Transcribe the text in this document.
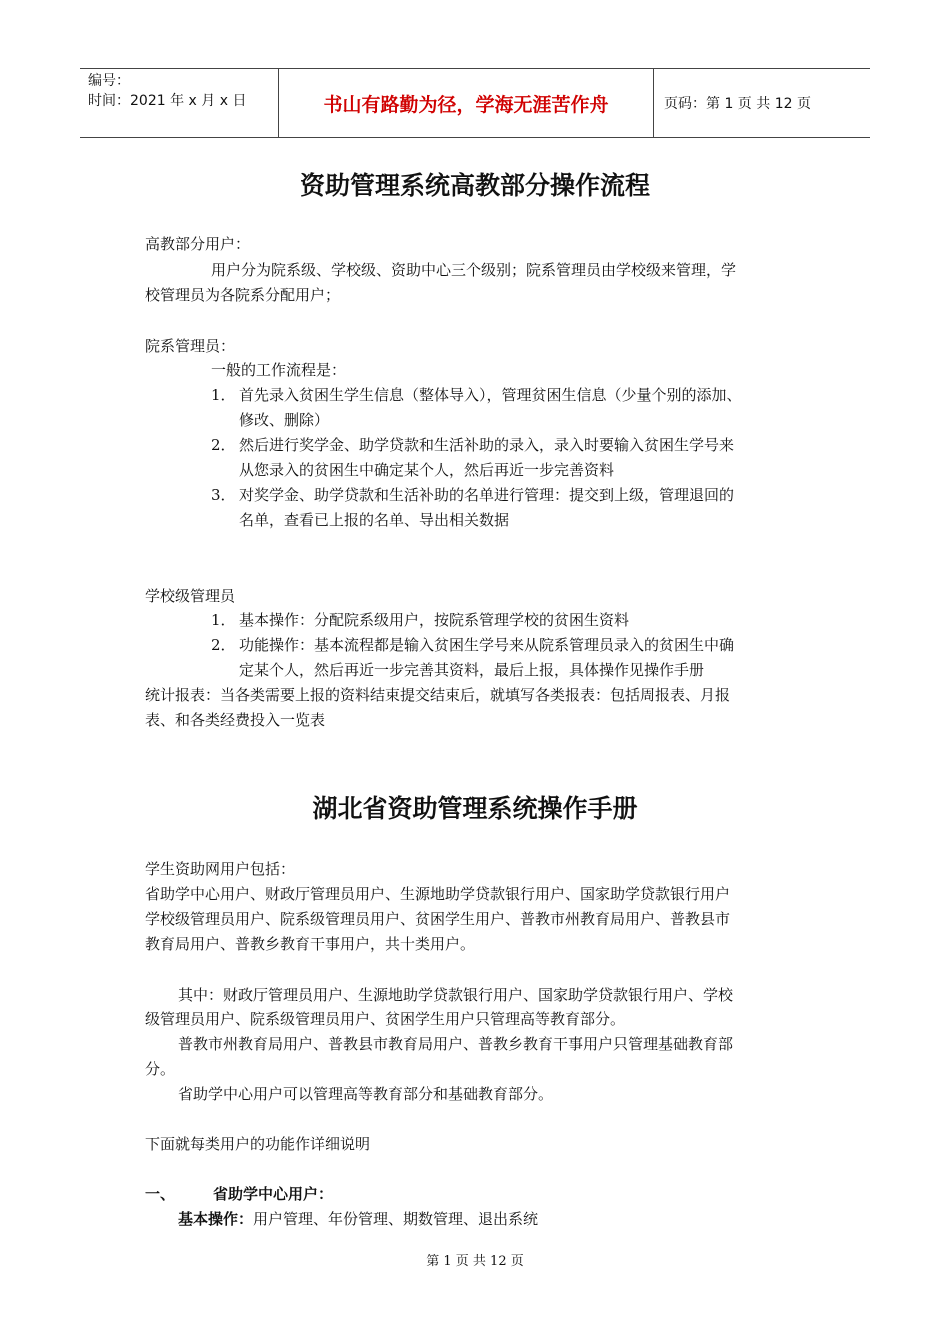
编号：
时间：2021 年 x 月 x 日	书山有路勤为径，学海无涯苦作舟	页码：第 1 页 共 12 页
资助管理系统高教部分操作流程
高教部分用户：
用户分为院系级、学校级、资助中心三个级别；院系管理员由学校级来管理，学
校管理员为各院系分配用户；
院系管理员：
一般的工作流程是：
1． 首先录入贫困生学生信息（整体导入），管理贫困生信息（少量个别的添加、
修改、删除）
2． 然后进行奖学金、助学贷款和生活补助的录入，录入时要输入贫困生学号来
从您录入的贫困生中确定某个人，然后再近一步完善资料
3． 对奖学金、助学贷款和生活补助的名单进行管理：提交到上级，管理退回的
名单，查看已上报的名单、导出相关数据
学校级管理员
1． 基本操作：分配院系级用户，按院系管理学校的贫困生资料
2． 功能操作：基本流程都是输入贫困生学号来从院系管理员录入的贫困生中确
定某个人，然后再近一步完善其资料，最后上报，具体操作见操作手册
统计报表：当各类需要上报的资料结束提交结束后，就填写各类报表：包括周报表、月报
表、和各类经费投入一览表
湖北省资助管理系统操作手册
学生资助网用户包括：
省助学中心用户、财政厅管理员用户、生源地助学贷款银行用户、国家助学贷款银行用户
学校级管理员用户、院系级管理员用户、贫困学生用户、普教市州教育局用户、普教县市
教育局用户、普教乡教育干事用户，共十类用户。
其中：财政厅管理员用户、生源地助学贷款银行用户、国家助学贷款银行用户、学校
级管理员用户、院系级管理员用户、贫困学生用户只管理高等教育部分。
普教市州教育局用户、普教县市教育局用户、普教乡教育干事用户只管理基础教育部
分。
省助学中心用户可以管理高等教育部分和基础教育部分。
下面就每类用户的功能作详细说明
一、	省助学中心用户：
基本操作：用户管理、年份管理、期数管理、退出系统
第 1 页 共 12 页
